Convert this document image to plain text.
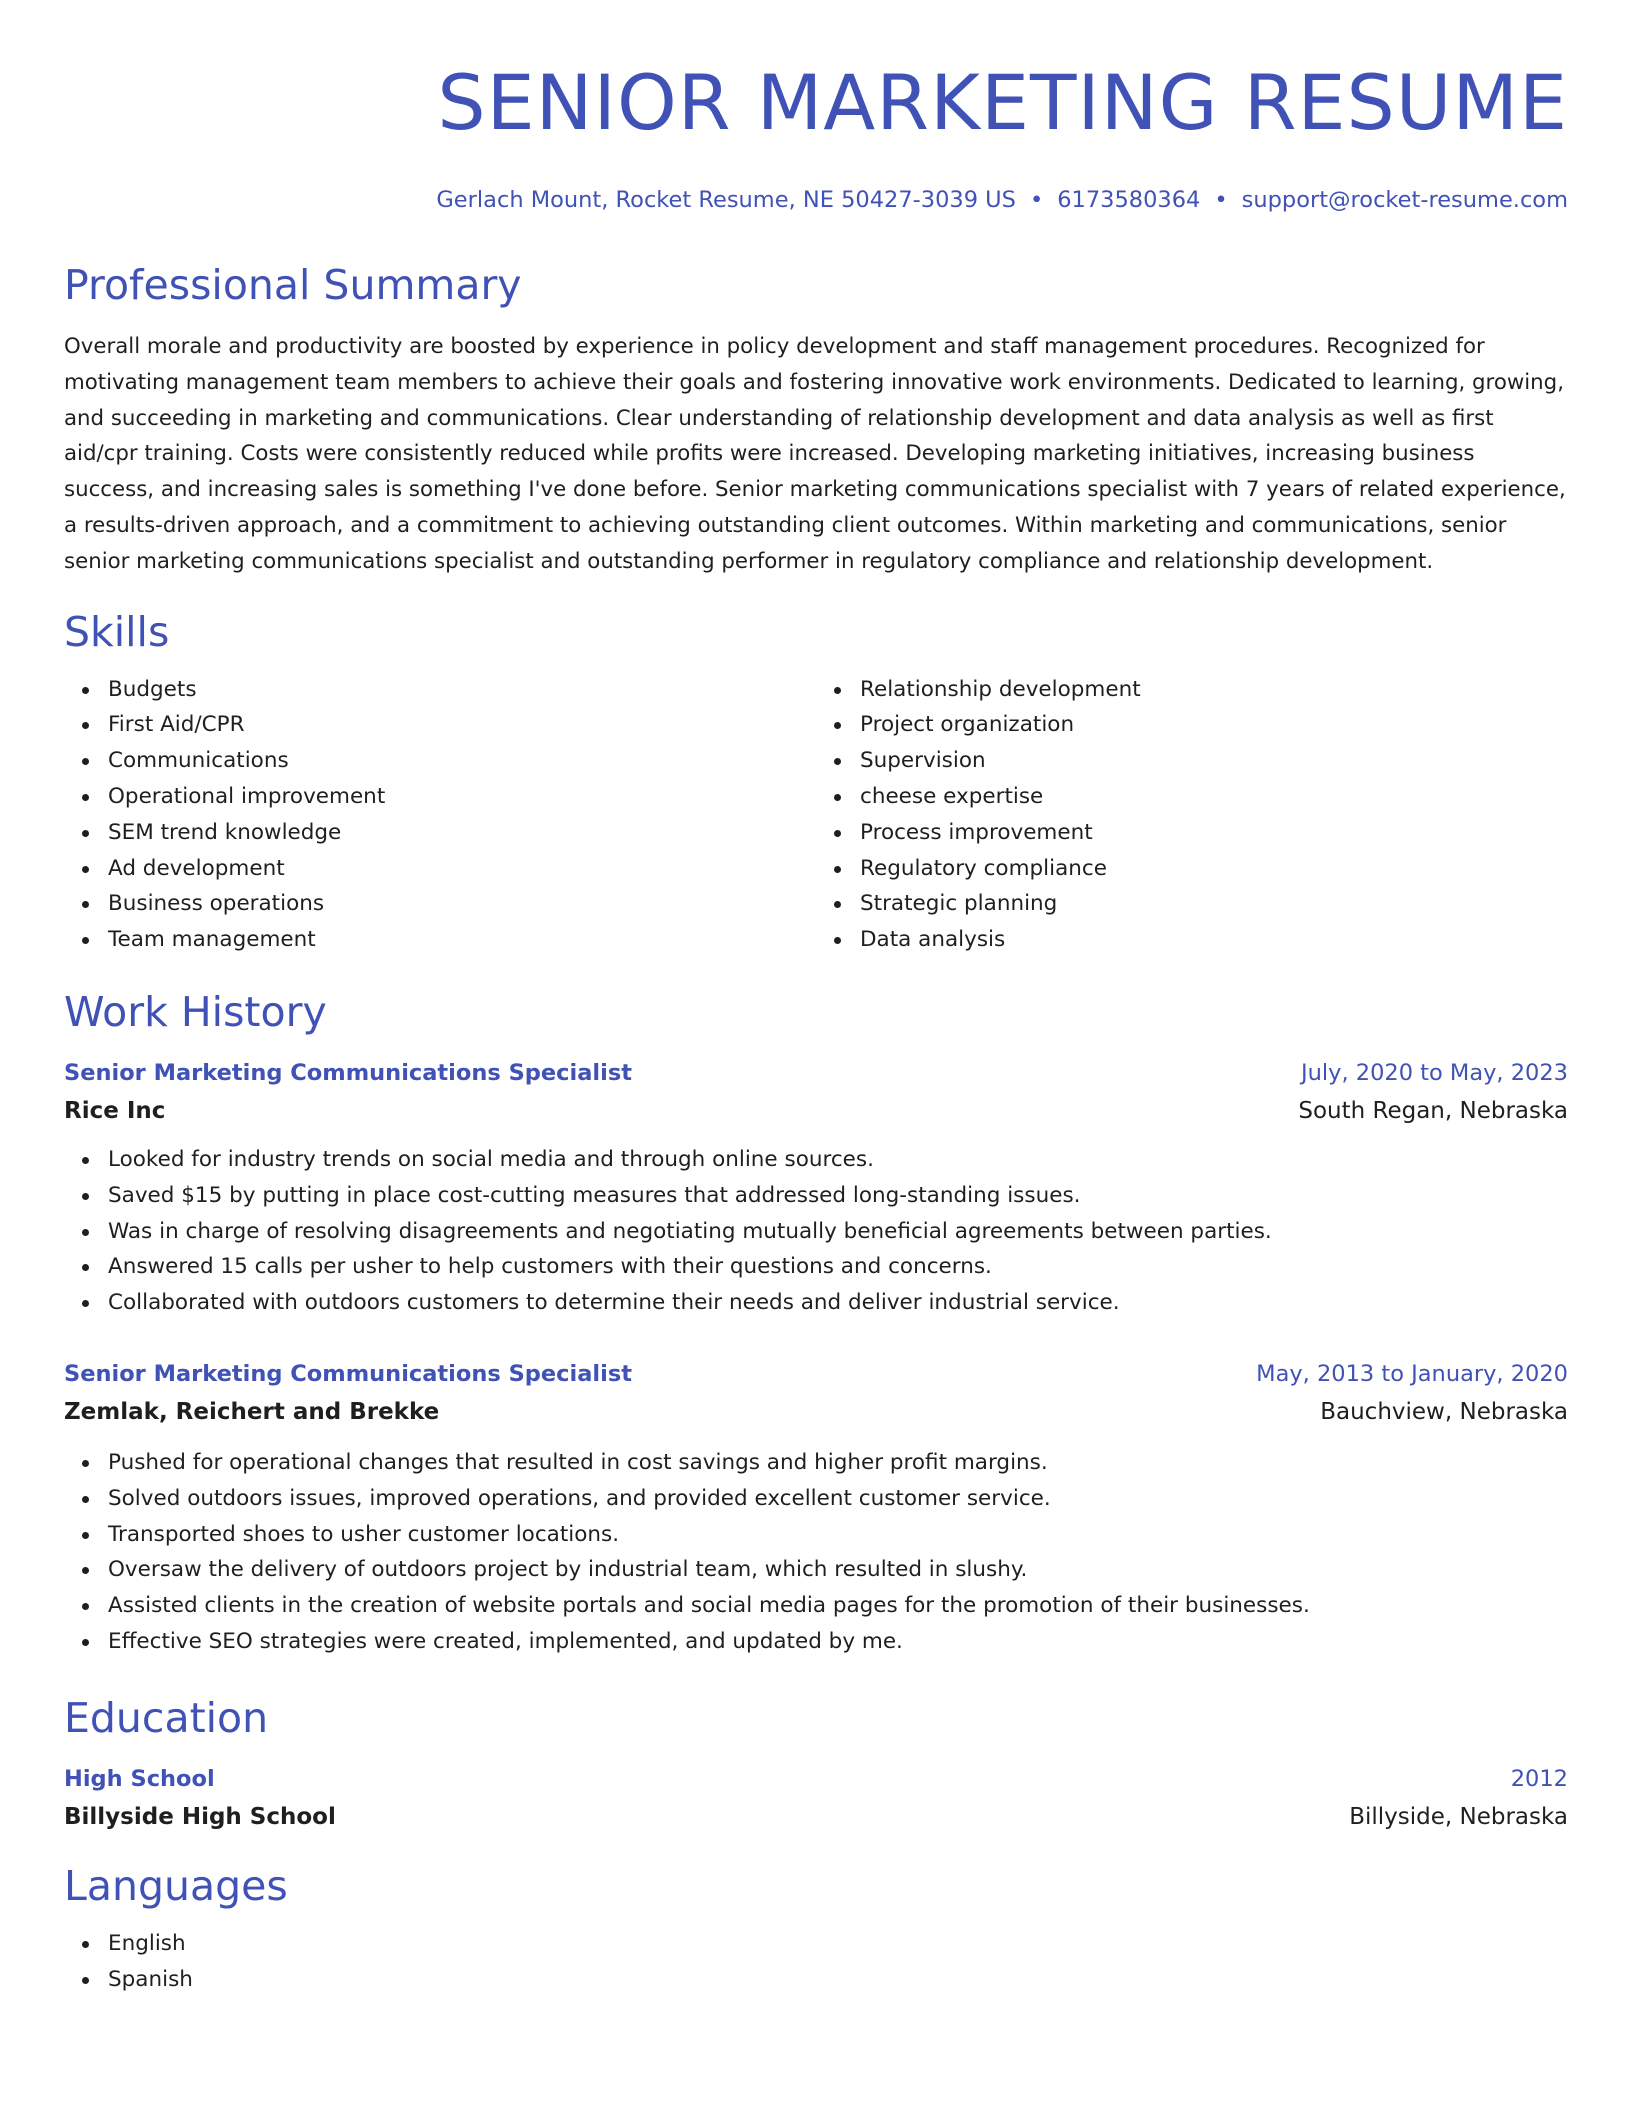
SENIOR MARKETING RESUME
Gerlach Mount, Rocket Resume, NE 50427-3039 US • 6173580364 • support@rocket-resume.com
Professional Summary
Overall morale and productivity are boosted by experience in policy development and staff management procedures. Recognized for motivating management team members to achieve their goals and fostering innovative work environments. Dedicated to learning, growing, and succeeding in marketing and communications. Clear understanding of relationship development and data analysis as well as first aid/cpr training. Costs were consistently reduced while profits were increased. Developing marketing initiatives, increasing business success, and increasing sales is something I've done before. Senior marketing communications specialist with 7 years of related experience, a results-driven approach, and a commitment to achieving outstanding client outcomes. Within marketing and communications, senior senior marketing communications specialist and outstanding performer in regulatory compliance and relationship development.
Skills
Budgets
First Aid/CPR
Communications
Operational improvement
SEM trend knowledge
Ad development
Business operations
Team management
Relationship development
Project organization
Supervision
cheese expertise
Process improvement
Regulatory compliance
Strategic planning
Data analysis
Work History
Senior Marketing Communications Specialist	July, 2020 to May, 2023
Rice Inc	South Regan, Nebraska
Looked for industry trends on social media and through online sources.
Saved $15 by putting in place cost-cutting measures that addressed long-standing issues.
Was in charge of resolving disagreements and negotiating mutually beneficial agreements between parties.
Answered 15 calls per usher to help customers with their questions and concerns.
Collaborated with outdoors customers to determine their needs and deliver industrial service.
Senior Marketing Communications Specialist	May, 2013 to January, 2020
Zemlak, Reichert and Brekke	Bauchview, Nebraska
Pushed for operational changes that resulted in cost savings and higher profit margins.
Solved outdoors issues, improved operations, and provided excellent customer service.
Transported shoes to usher customer locations.
Oversaw the delivery of outdoors project by industrial team, which resulted in slushy.
Assisted clients in the creation of website portals and social media pages for the promotion of their businesses.
Effective SEO strategies were created, implemented, and updated by me.
Education
High School	2012
Billyside High School	Billyside, Nebraska
Languages
English
Spanish
